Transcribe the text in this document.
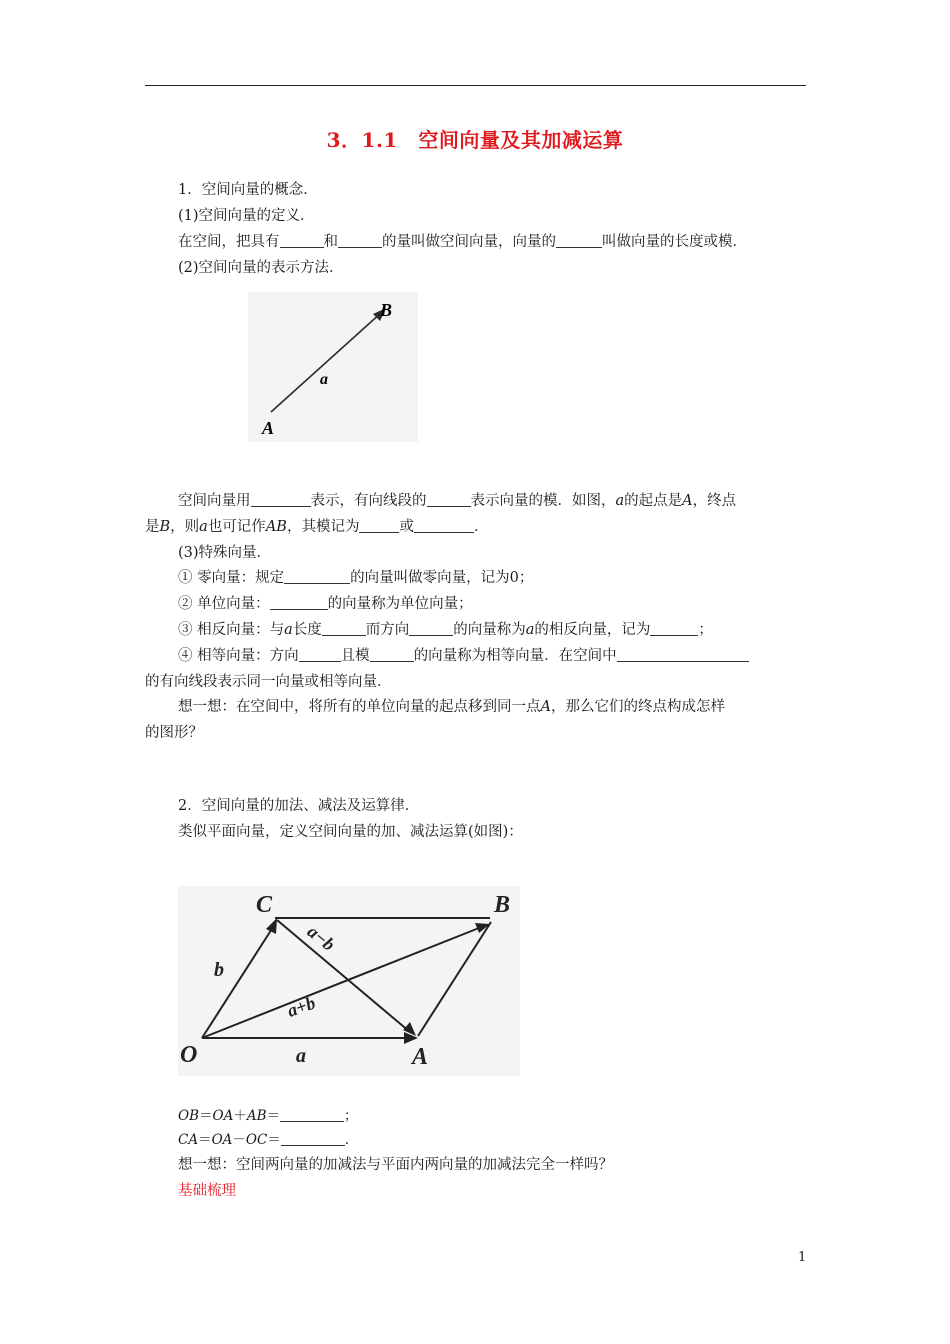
3．1.1　空间向量及其加减运算
1．空间向量的概念．
(1)空间向量的定义．
在空间，把具有	和	的量叫做空间向量，向量的	叫做向量的长度或模．
(2)空间向量的表示方法．
A
B
a
空间向量用	表示，有向线段的	表示向量的模．如图，a的起点是A，终点
是B，则a也可记作AB，其模记为	或	．
(3)特殊向量．
① 零向量：规定	的向量叫做零向量，记为0；
② 单位向量：	的向量称为单位向量；
③ 相反向量：与a长度	而方向	的向量称为a的相反向量，记为	；
④ 相等向量：方向	且模	的向量称为相等向量．在空间中
的有向线段表示同一向量或相等向量．
想一想：在空间中，将所有的单位向量的起点移到同一点A，那么它们的终点构成怎样
的图形？
2．空间向量的加法、减法及运算律．
类似平面向量，定义空间向量的加、减法运算(如图)：
O	A
B
C
a
b
a+b
a−b
OB＝OA＋AB＝	；
CA＝OA－OC＝	．
想一想：空间两向量的加减法与平面内两向量的加减法完全一样吗？
基础梳理
1
